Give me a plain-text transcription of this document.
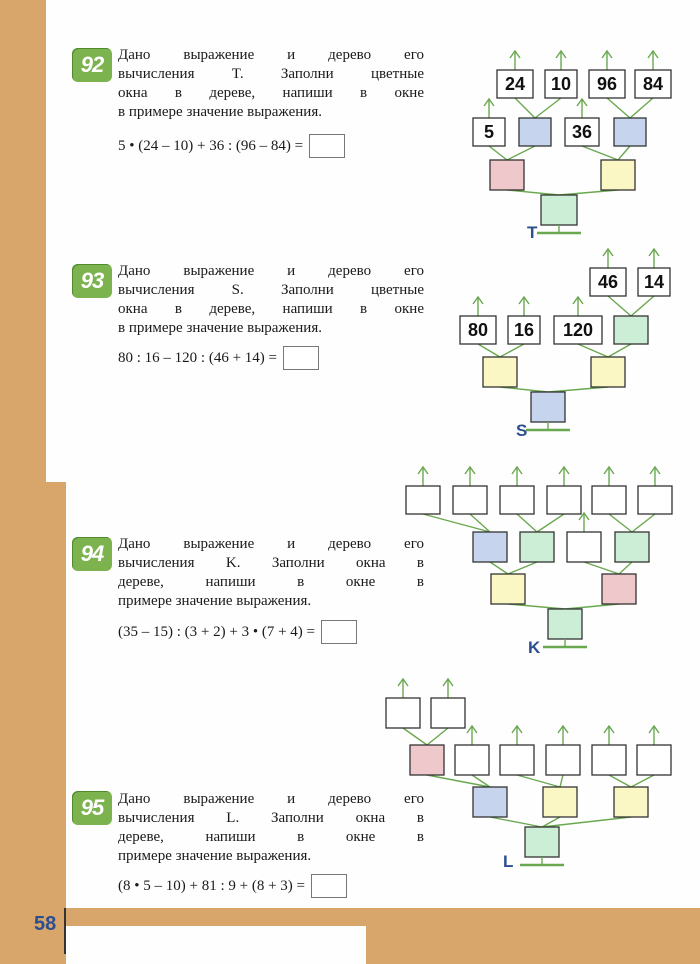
58
92 Дано выражение и дерево его
вычисления T. Заполни цветные
окна в дереве, напиши в окне
в примере значение выражения.
5 • (24 – 10) + 36 : (96 – 84) =
93 Дано выражение и дерево его
вычисления S. Заполни цветные
окна в дереве, напиши в окне
в примере значение выражения.
80 : 16 – 120 : (46 + 14) =
94 Дано выражение и дерево его
вычисления K. Заполни окна в
дереве, напиши в окне в
примере значение выражения.
(35 – 15) : (3 + 2) + 3 • (7 + 4) =
95 Дано выражение и дерево его
вычисления L. Заполни окна в
дереве, напиши в окне в
примере значение выражения.
(8 • 5 – 10) + 81 : 9 + (8 + 3) =
24 10 96 84
5	36
46 14
80 16 120
T
S
K
L
